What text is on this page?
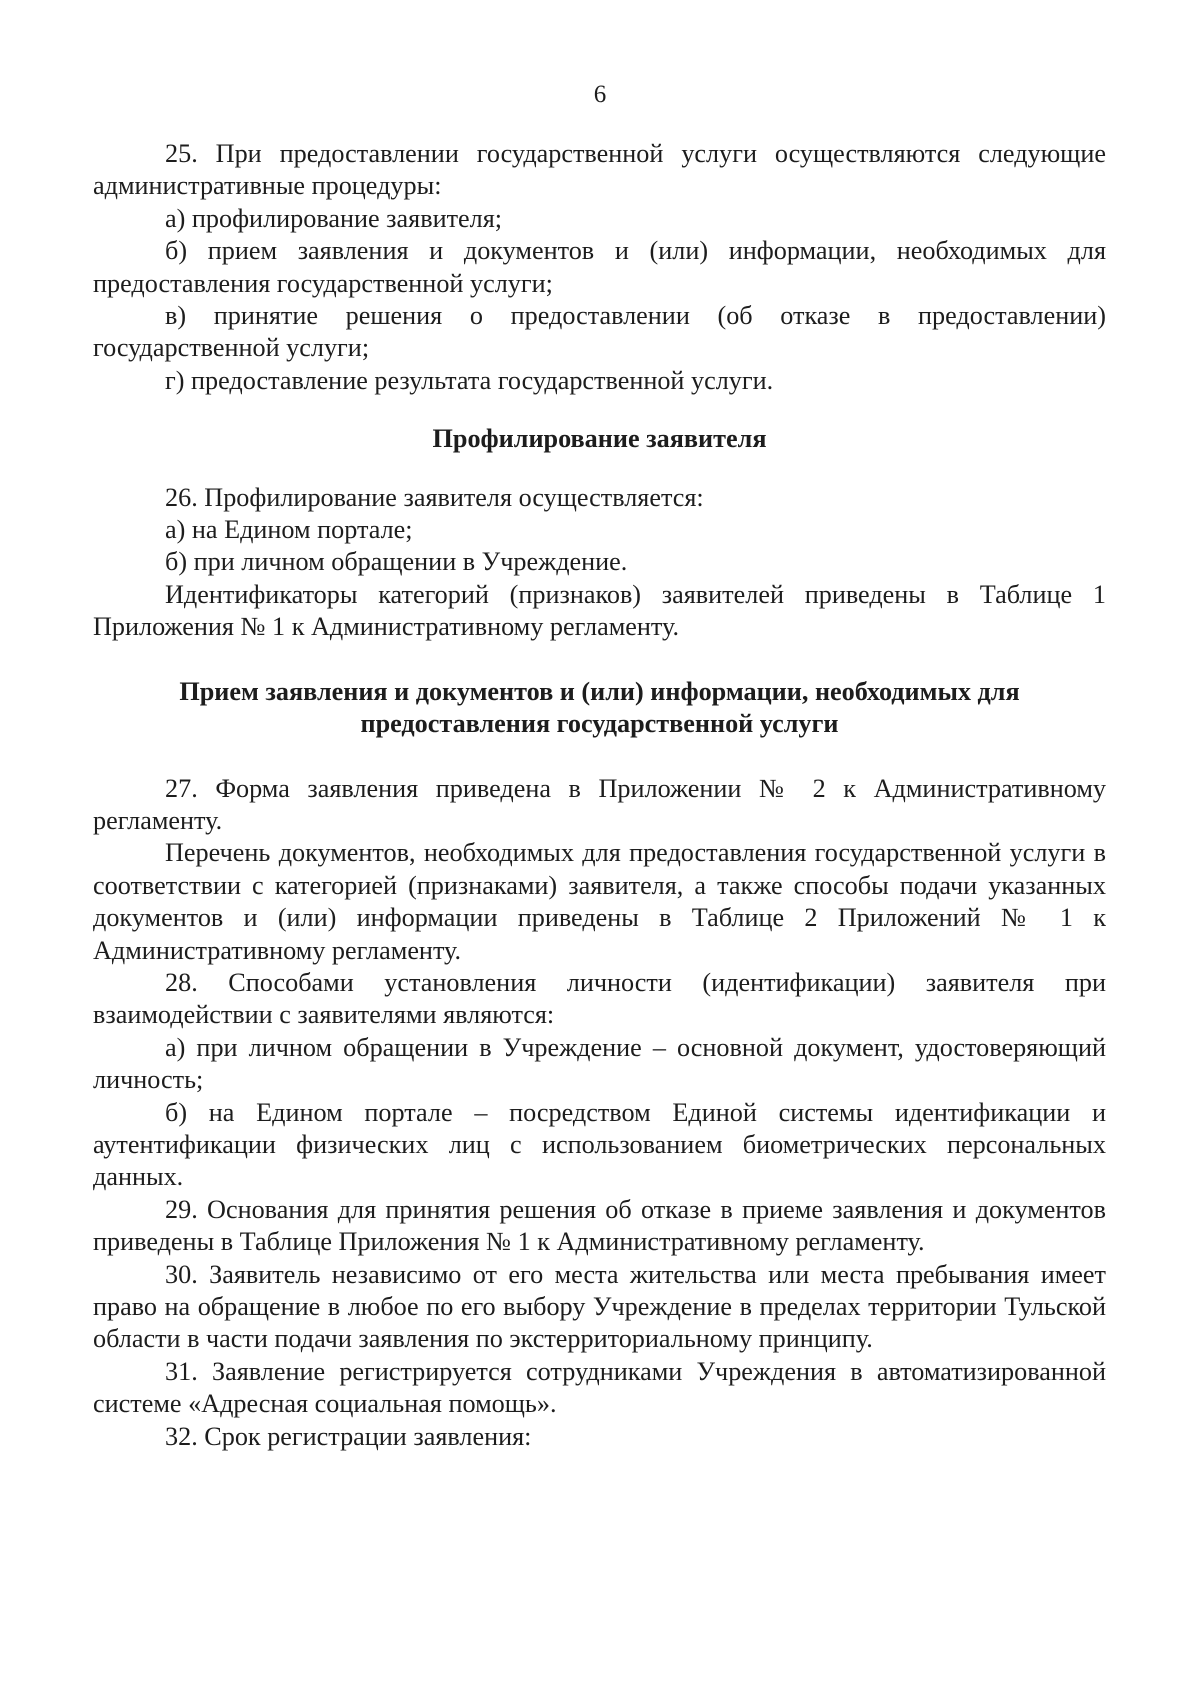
6

25. При предоставлении государственной услуги осуществляются следующие административные процедуры:

а) профилирование заявителя;

б) прием заявления и документов и (или) информации, необходимых для предоставления государственной услуги;

в) принятие решения о предоставлении (об отказе в предоставлении) государственной услуги;

г) предоставление результата государственной услуги.

Профилирование заявителя

26. Профилирование заявителя осуществляется:

а) на Едином портале;

б) при личном обращении в Учреждение.

Идентификаторы категорий (признаков) заявителей приведены в Таблице 1 Приложения № 1 к Административному регламенту.

Прием заявления и документов и (или) информации, необходимых для предоставления государственной услуги

27. Форма заявления приведена в Приложении № 2 к Административному регламенту.

Перечень документов, необходимых для предоставления государственной услуги в соответствии с категорией (признаками) заявителя, а также способы подачи указанных документов и (или) информации приведены в Таблице 2 Приложений № 1 к Административному регламенту.

28. Способами установления личности (идентификации) заявителя при взаимодействии с заявителями являются:

а) при личном обращении в Учреждение – основной документ, удостоверяющий личность;

б) на Едином портале – посредством Единой системы идентификации и аутентификации физических лиц с использованием биометрических персональных данных.

29. Основания для принятия решения об отказе в приеме заявления и документов приведены в Таблице Приложения № 1 к Административному регламенту.

30. Заявитель независимо от его места жительства или места пребывания имеет право на обращение в любое по его выбору Учреждение в пределах территории Тульской области в части подачи заявления по экстерриториальному принципу.

31. Заявление регистрируется сотрудниками Учреждения в автоматизированной системе «Адресная социальная помощь».

32. Срок регистрации заявления:
